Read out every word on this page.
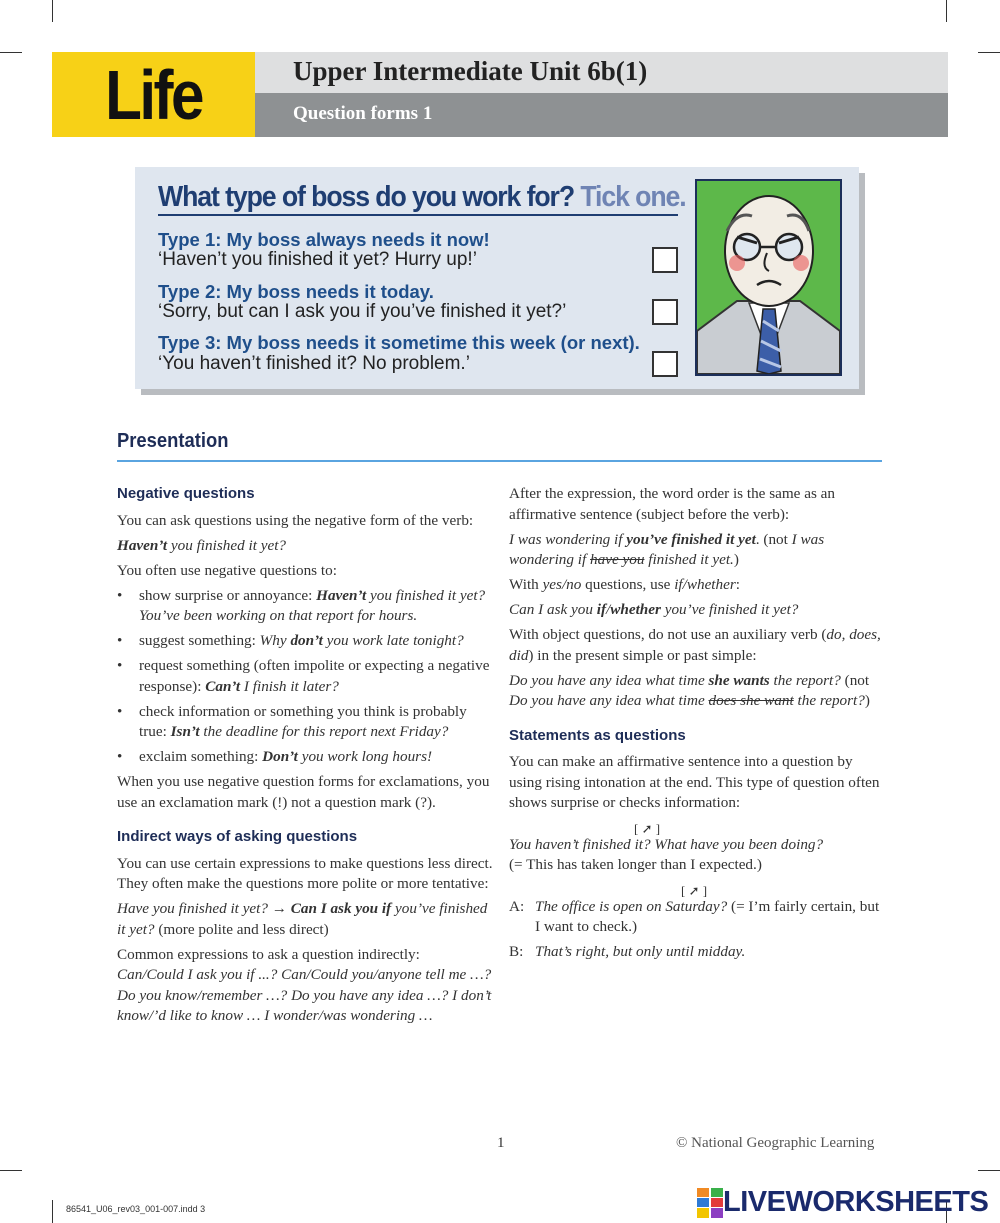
Life	Upper Intermediate Unit 6b(1)
Question forms 1
What type of boss do you work for? Tick one.
Type 1: My boss always needs it now!
‘Haven’t you finished it yet? Hurry up!’
Type 2: My boss needs it today.
‘Sorry, but can I ask you if you’ve finished it yet?’
Type 3: My boss needs it sometime this week (or next).
‘You haven’t finished it? No problem.’
Presentation
Negative questions

You can ask questions using the negative form of the verb:

Haven’t you finished it yet?

You often use negative questions to:

• show surprise or annoyance: Haven’t you finished it yet? You’ve been working on that report for hours.
• suggest something: Why don’t you work late tonight?
• request something (often impolite or expecting a negative response): Can’t I finish it later?
• check information or something you think is probably true: Isn’t the deadline for this report next Friday?
• exclaim something: Don’t you work long hours!

When you use negative question forms for exclamations, you use an exclamation mark (!) not a question mark (?).

Indirect ways of asking questions

You can use certain expressions to make questions less direct. They often make the questions more polite or more tentative:

Have you finished it yet? → Can I ask you if you’ve finished it yet? (more polite and less direct)

Common expressions to ask a question indirectly:

Can/Could I ask you if ...? Can/Could you/anyone tell me …? Do you know/remember …? Do you have any idea …? I don’t know/’d like to know … I wonder/was wondering …

After the expression, the word order is the same as an affirmative sentence (subject before the verb):

I was wondering if you’ve finished it yet. (not I was wondering if have you finished it yet.)

With yes/no questions, use if/whether:

Can I ask you if/whether you’ve finished it yet?

With object questions, do not use an auxiliary verb (do, does, did) in the present simple or past simple:

Do you have any idea what time she wants the report? (not Do you have any idea what time does she want the report?)

Statements as questions

You can make an affirmative sentence into a question by using rising intonation at the end. This type of question often shows surprise or checks information:

[ ➚ ]

You haven’t finished it? What have you been doing?

(= This has taken longer than I expected.)

[ ➚ ]
A: The office is open on Saturday? (= I’m fairly certain, but I want to check.)
B: That’s right, but only until midday.
1	© National Geographic Learning
86541_U06_rev03_001-007.indd 3	LIVEWORKSHEETS
